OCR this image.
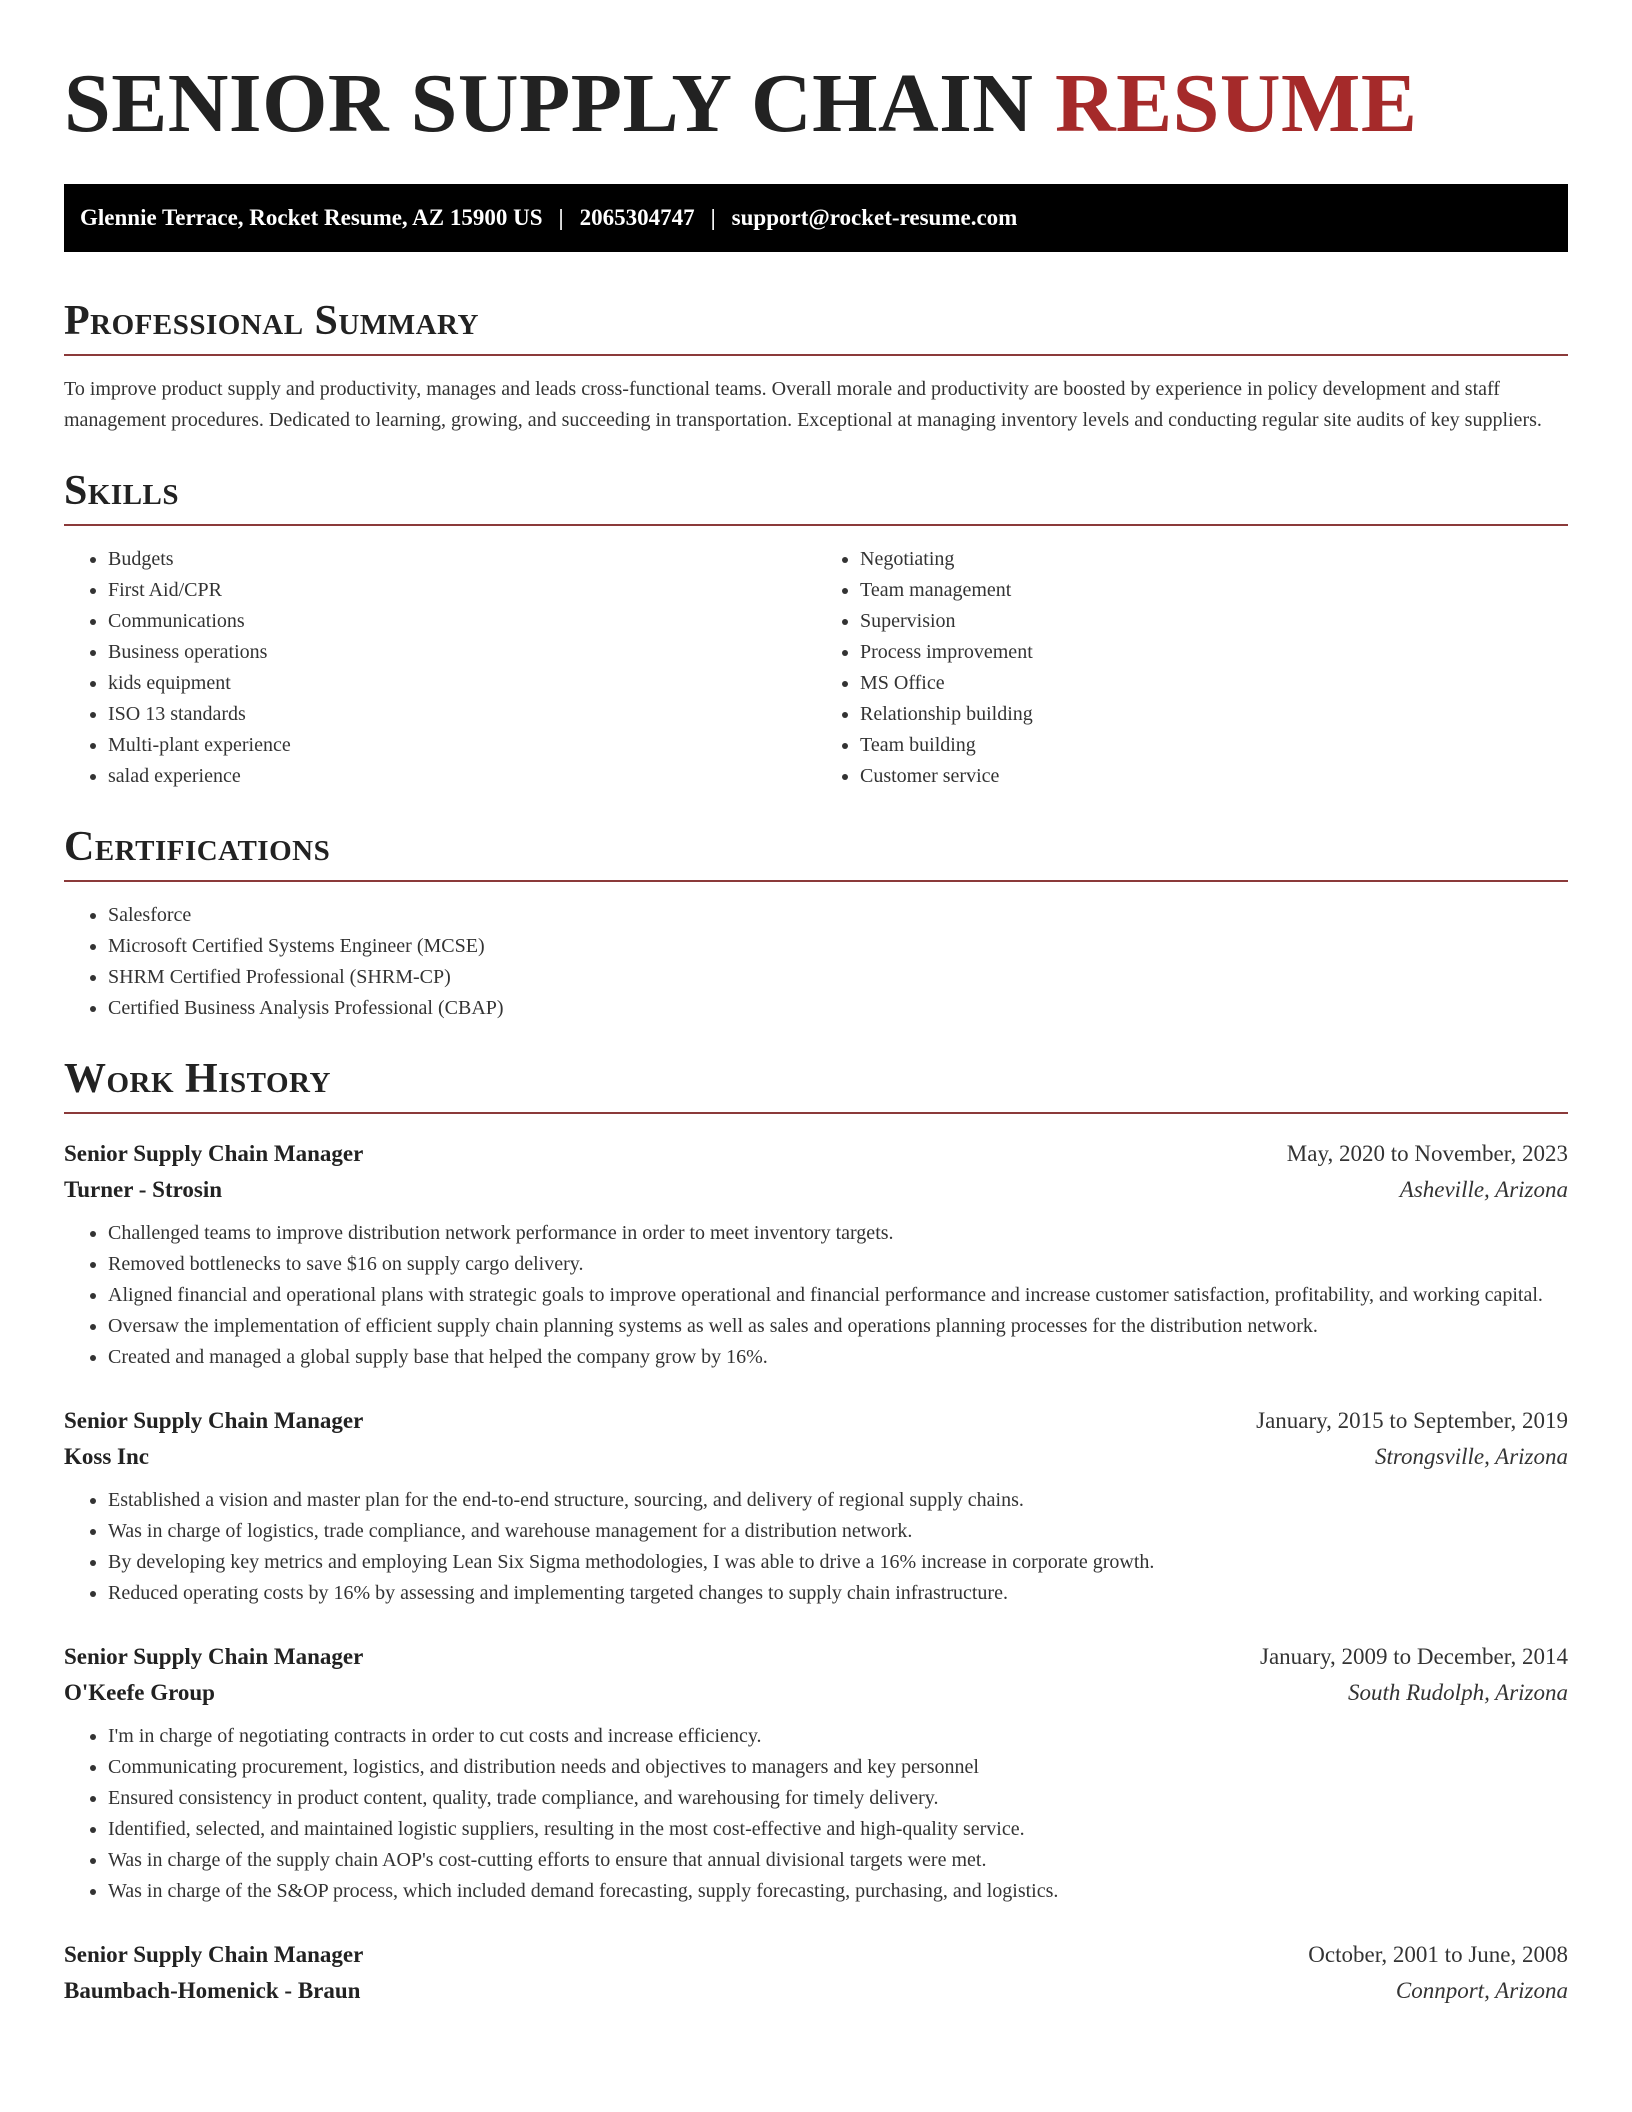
SENIOR SUPPLY CHAIN RESUME
Glennie Terrace, Rocket Resume, AZ 15900 US | 2065304747 | support@rocket-resume.com
Professional Summary

To improve product supply and productivity, manages and leads cross-functional teams. Overall morale and productivity are boosted by experience in policy development and staff management procedures. Dedicated to learning, growing, and succeeding in transportation. Exceptional at managing inventory levels and conducting regular site audits of key suppliers.

Skills
• Budgets
• First Aid/CPR
• Communications
• Business operations
• kids equipment
• ISO 13 standards
• Multi-plant experience
• salad experience
• Negotiating
• Team management
• Supervision
• Process improvement
• MS Office
• Relationship building
• Team building
• Customer service
Certifications
• Salesforce
• Microsoft Certified Systems Engineer (MCSE)
• SHRM Certified Professional (SHRM-CP)
• Certified Business Analysis Professional (CBAP)
Work History
Senior Supply Chain Manager	May, 2020 to November, 2023
Turner - Strosin	Asheville, Arizona
• Challenged teams to improve distribution network performance in order to meet inventory targets.
• Removed bottlenecks to save $16 on supply cargo delivery.
• Aligned financial and operational plans with strategic goals to improve operational and financial performance and increase customer satisfaction, profitability, and working capital.
• Oversaw the implementation of efficient supply chain planning systems as well as sales and operations planning processes for the distribution network.
• Created and managed a global supply base that helped the company grow by 16%.
Senior Supply Chain Manager	January, 2015 to September, 2019
Koss Inc	Strongsville, Arizona
• Established a vision and master plan for the end-to-end structure, sourcing, and delivery of regional supply chains.
• Was in charge of logistics, trade compliance, and warehouse management for a distribution network.
• By developing key metrics and employing Lean Six Sigma methodologies, I was able to drive a 16% increase in corporate growth.
• Reduced operating costs by 16% by assessing and implementing targeted changes to supply chain infrastructure.
Senior Supply Chain Manager	January, 2009 to December, 2014
O'Keefe Group	South Rudolph, Arizona
• I'm in charge of negotiating contracts in order to cut costs and increase efficiency.
• Communicating procurement, logistics, and distribution needs and objectives to managers and key personnel
• Ensured consistency in product content, quality, trade compliance, and warehousing for timely delivery.
• Identified, selected, and maintained logistic suppliers, resulting in the most cost-effective and high-quality service.
• Was in charge of the supply chain AOP's cost-cutting efforts to ensure that annual divisional targets were met.
• Was in charge of the S&OP process, which included demand forecasting, supply forecasting, purchasing, and logistics.
Senior Supply Chain Manager	October, 2001 to June, 2008
Baumbach-Homenick - Braun	Connport, Arizona
